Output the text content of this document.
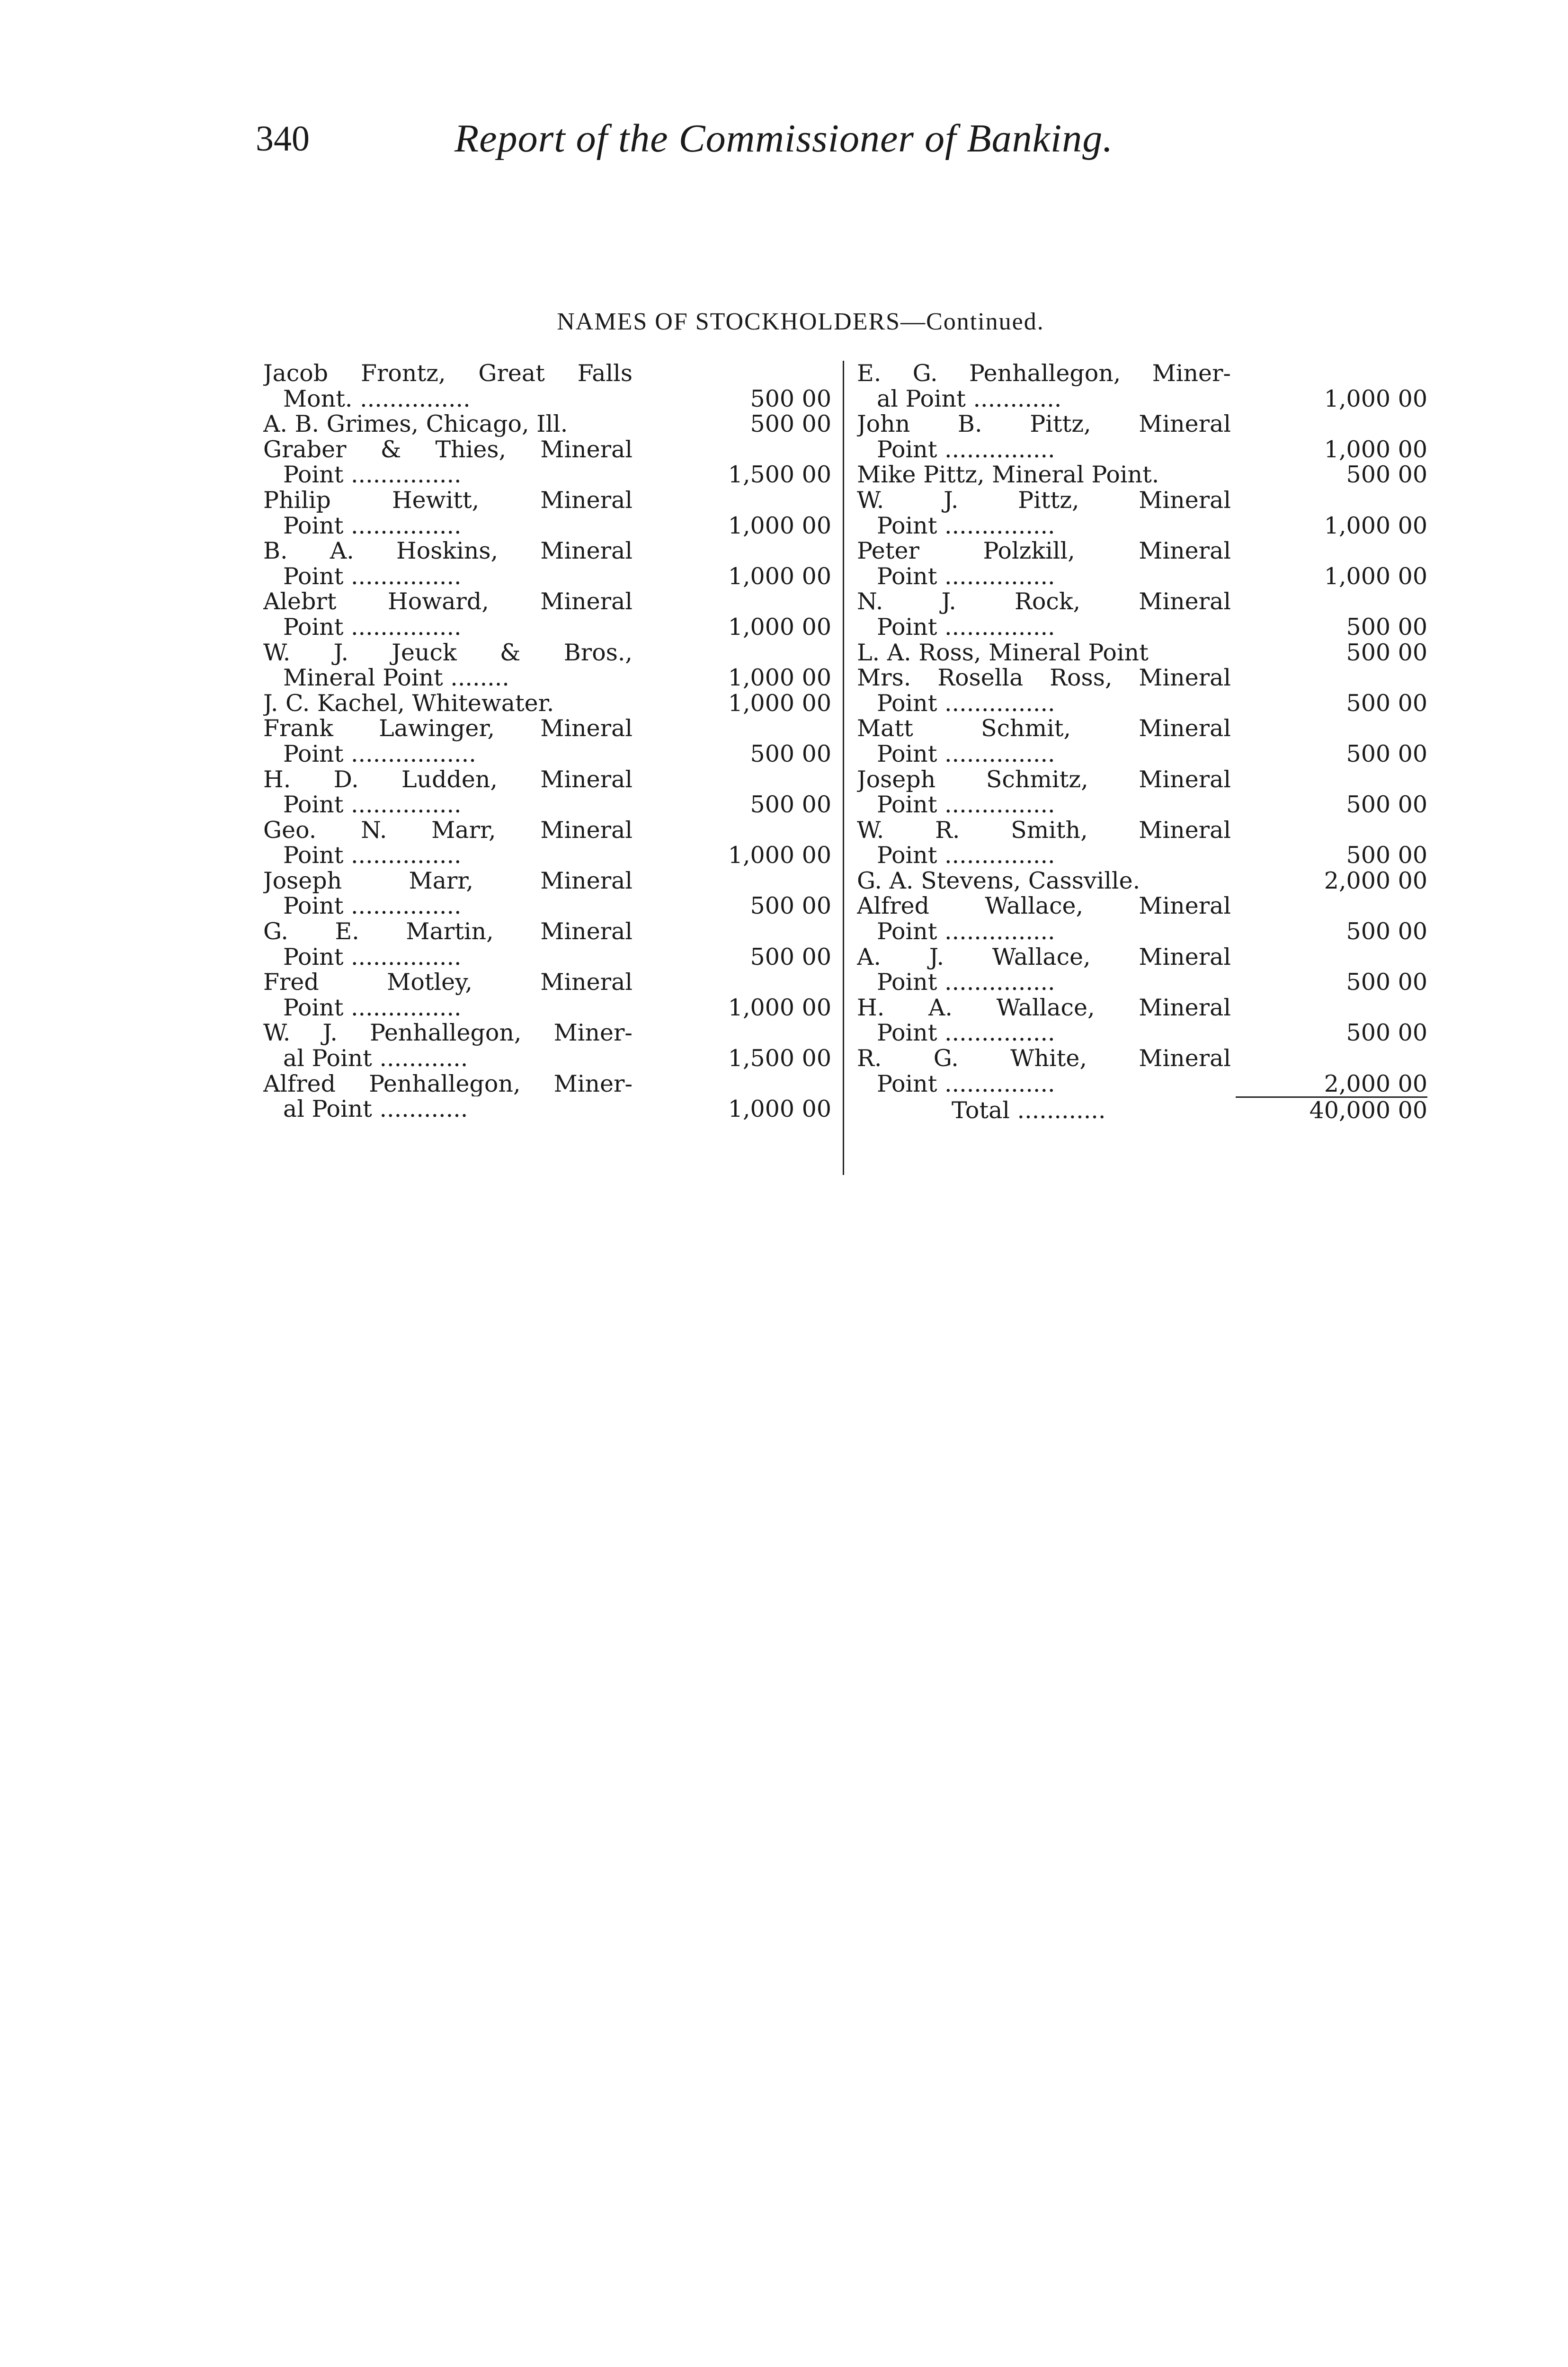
340	Report of the Commissioner of Banking.
NAMES OF STOCKHOLDERS—Continued.
Jacob Frontz, Great Falls
Mont. ...............	500 00
A. B. Grimes, Chicago, Ill.	500 00
Graber & Thies, Mineral
Point ...............	1,500 00
Philip Hewitt, Mineral
Point ...............	1,000 00
B. A. Hoskins, Mineral
Point ...............	1,000 00
Alebrt Howard, Mineral
Point ...............	1,000 00
W. J. Jeuck & Bros.,
Mineral Point ........	1,000 00
J. C. Kachel, Whitewater.	1,000 00
Frank Lawinger, Mineral
Point .................	500 00
H. D. Ludden, Mineral
Point ...............	500 00
Geo. N. Marr, Mineral
Point ...............	1,000 00
Joseph Marr, Mineral
Point ...............	500 00
G. E. Martin, Mineral
Point ...............	500 00
Fred Motley, Mineral
Point ...............	1,000 00
W. J. Penhallegon, Miner-
al Point ............	1,500 00
Alfred Penhallegon, Miner-
al Point ............	1,000 00
E. G. Penhallegon, Miner-
al Point ............	1,000 00
John B. Pittz, Mineral
Point ...............	1,000 00
Mike Pittz, Mineral Point.	500 00
W. J. Pittz, Mineral
Point ...............	1,000 00
Peter Polzkill, Mineral
Point ...............	1,000 00
N. J. Rock, Mineral
Point ...............	500 00
L. A. Ross, Mineral Point	500 00
Mrs. Rosella Ross, Mineral
Point ...............	500 00
Matt Schmit, Mineral
Point ...............	500 00
Joseph Schmitz, Mineral
Point ...............	500 00
W. R. Smith, Mineral
Point ...............	500 00
G. A. Stevens, Cassville.	2,000 00
Alfred Wallace, Mineral
Point ...............	500 00
A. J. Wallace, Mineral
Point ...............	500 00
H. A. Wallace, Mineral
Point ...............	500 00
R. G. White, Mineral
Point ...............	2,000 00
Total ............	40,000 00
